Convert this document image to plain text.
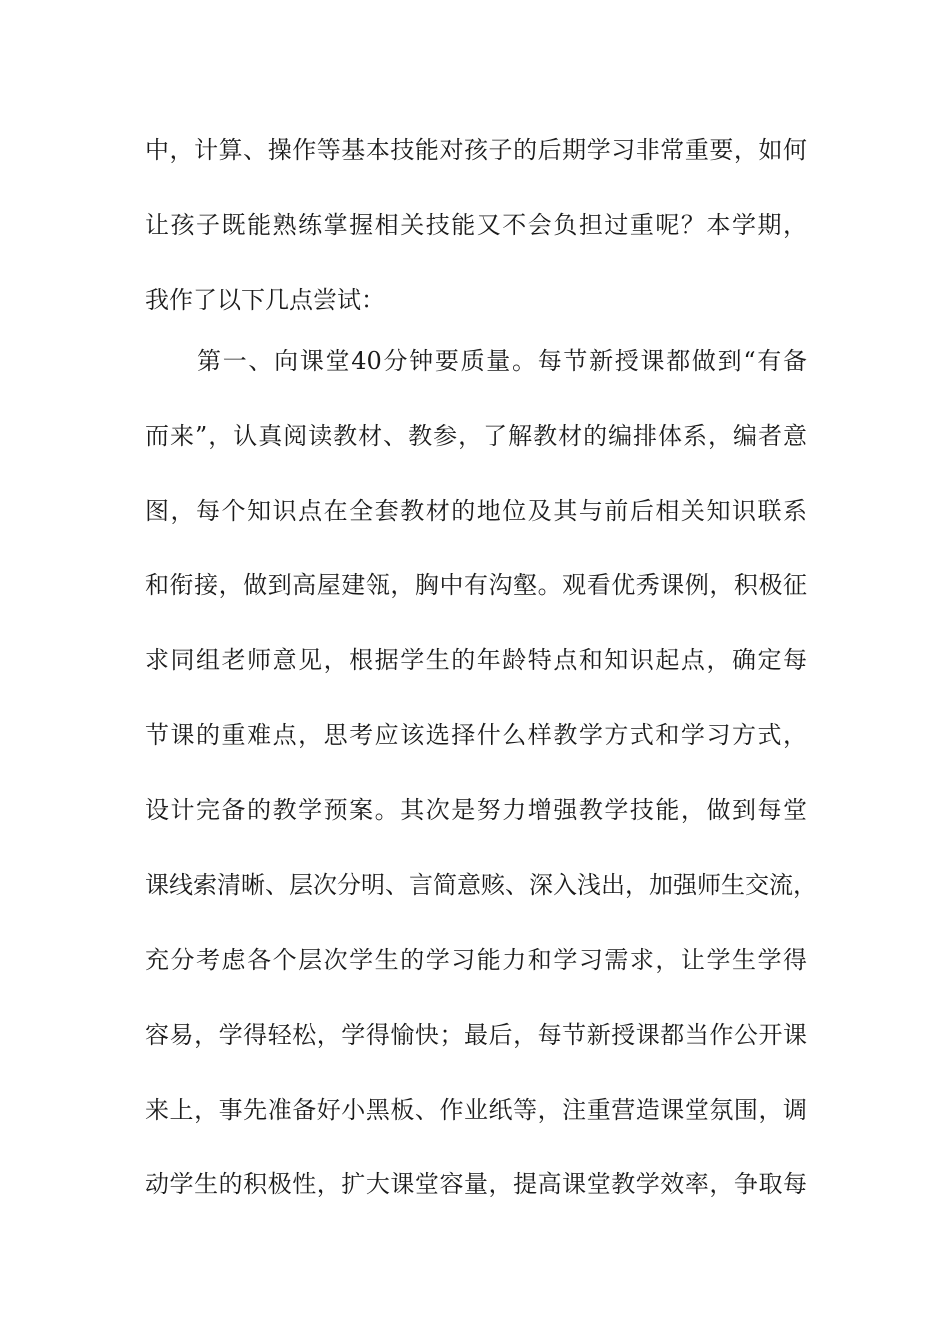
中，计算、操作等基本技能对孩子的后期学习非常重要，如何
让孩子既能熟练掌握相关技能又不会负担过重呢？本学期，
我作了以下几点尝试：
第一、向课堂40分钟要质量。每节新授课都做到“有备
而来”，认真阅读教材、教参，了解教材的编排体系，编者意
图，每个知识点在全套教材的地位及其与前后相关知识联系
和衔接，做到高屋建瓴，胸中有沟壑。观看优秀课例，积极征
求同组老师意见，根据学生的年龄特点和知识起点，确定每
节课的重难点，思考应该选择什么样教学方式和学习方式，
设计完备的教学预案。其次是努力增强教学技能，做到每堂
课线索清晰、层次分明、言简意赅、深入浅出，加强师生交流，
充分考虑各个层次学生的学习能力和学习需求，让学生学得
容易，学得轻松，学得愉快；最后，每节新授课都当作公开课
来上，事先准备好小黑板、作业纸等，注重营造课堂氛围，调
动学生的积极性，扩大课堂容量，提高课堂教学效率，争取每
